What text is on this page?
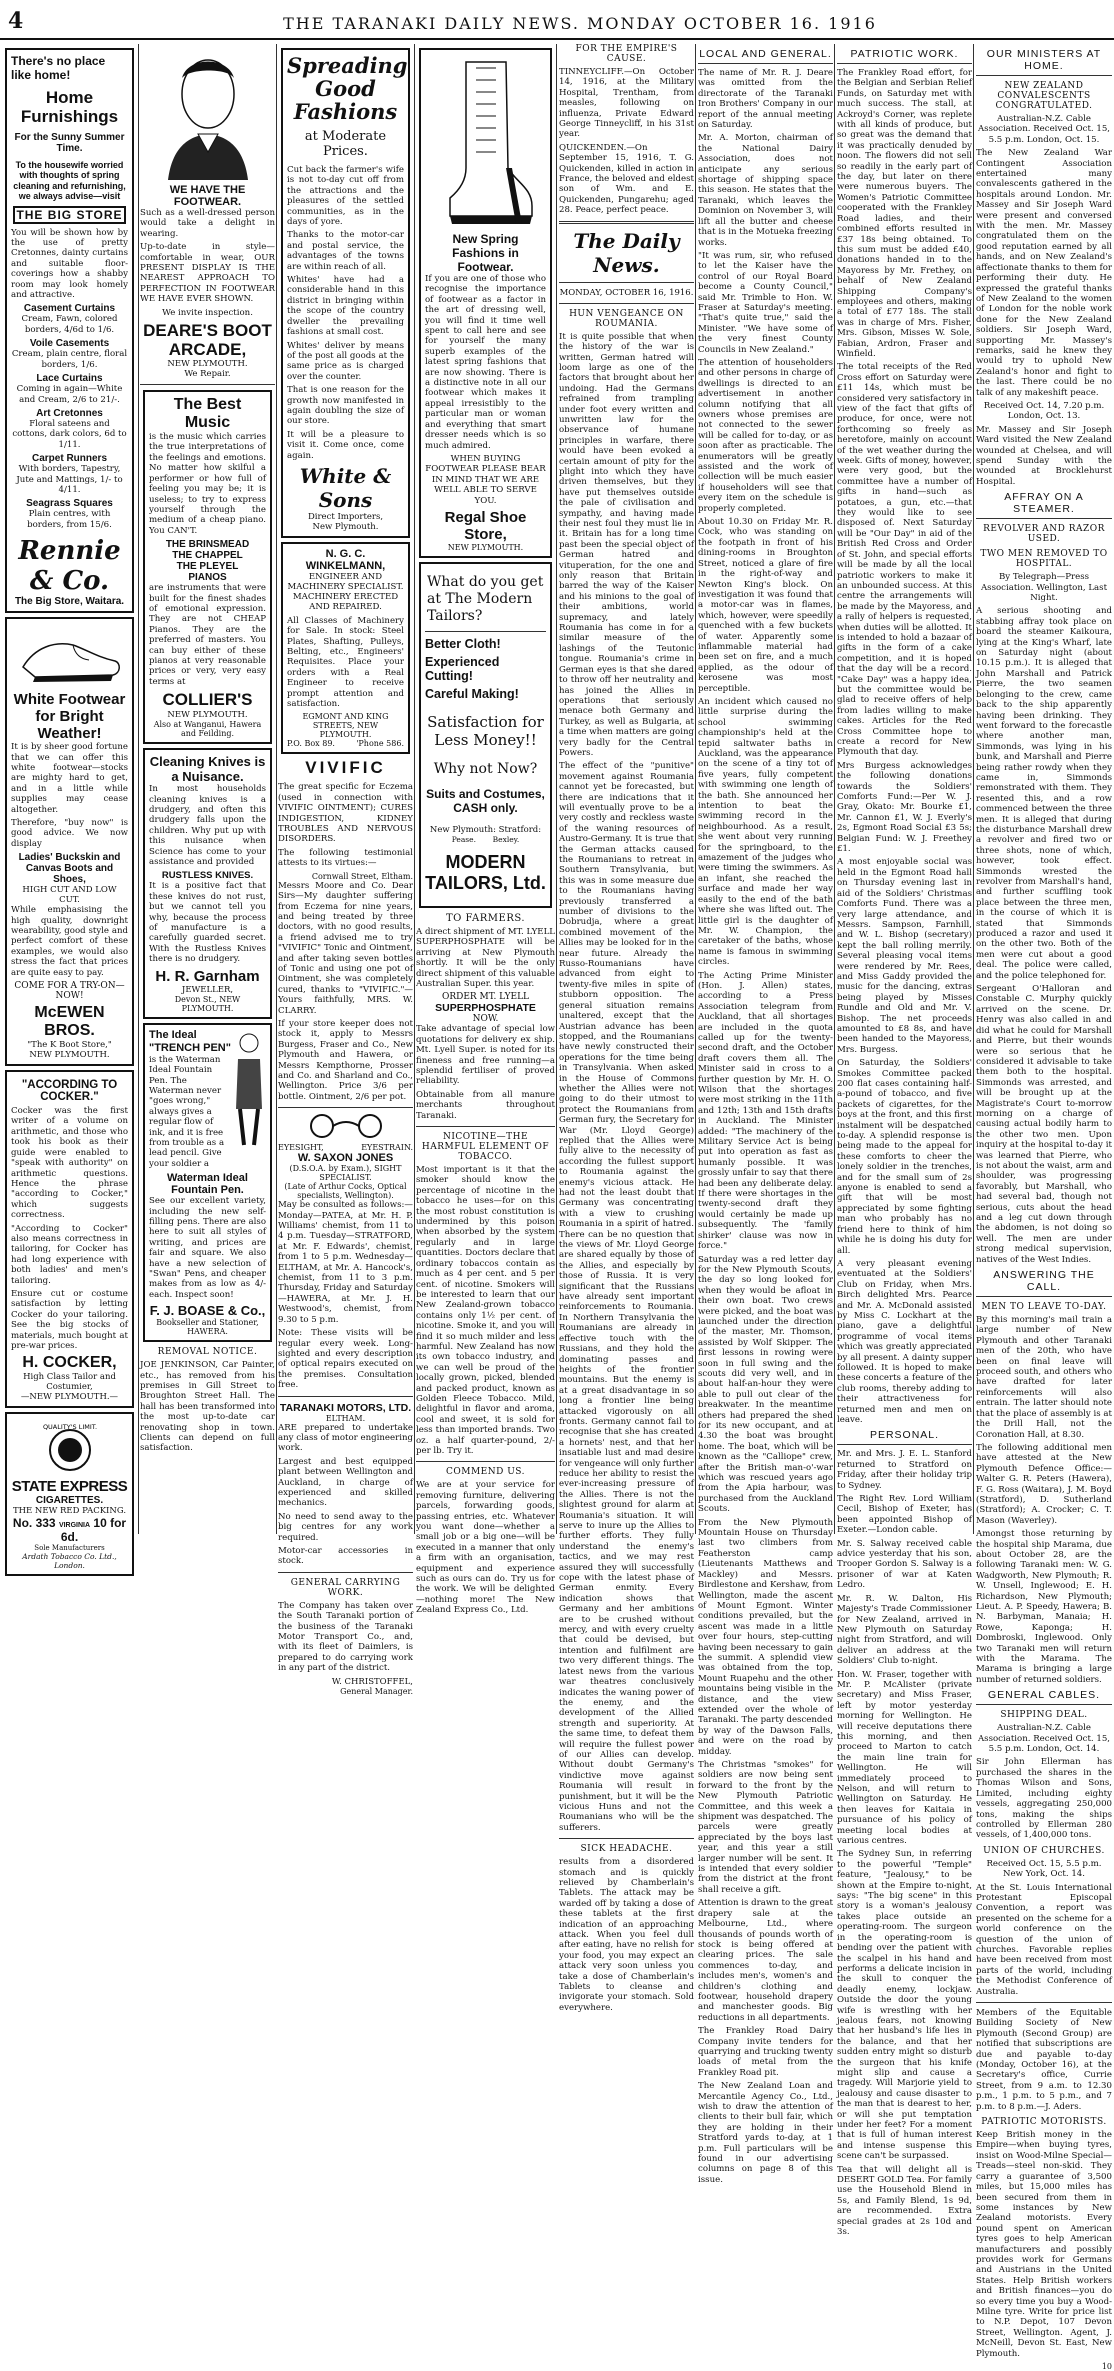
4	THE TARANAKI DAILY NEWS. MONDAY OCTOBER 16. 1916
There's no place like home!
Home Furnishings
For the Sunny Summer Time.

To the housewife worried with thoughts of spring cleaning and refurnishing, we always advise—visit

THE BIG STORE

You will be shown how by the use of pretty Cretonnes, dainty curtains and suitable floor-coverings how a shabby room may look homely and attractive.

Casement Curtains
Cream, Fawn, colored borders, 4/6d to 1/6.
Voile Casements
Cream, plain centre, floral borders, 1/6.
Lace Curtains
Coming in again—White and Cream, 2/6 to 21/-.
Art Cretonnes
Floral sateens and cottons, dark colors, 6d to 1/11.
Carpet Runners
With borders, Tapestry, Jute and Mattings, 1/- to 4/11.
Seagrass Squares
Plain centres, with borders, from 15/6.
Rennie & Co.
The Big Store, Waitara.
White Footwear for Bright Weather!

It is by sheer good fortune that we can offer this white footwear—stocks are mighty hard to get, and in a little while supplies may cease altogether.

Therefore, "buy now" is good advice. We now display

Ladies' Buckskin and Canvas Boots and Shoes,
HIGH CUT AND LOW CUT.

While emphasising the high quality, downright wearability, good style and perfect comfort of these examples, we would also stress the fact that prices are quite easy to pay.

COME FOR A TRY-ON—NOW!
McEWEN BROS.
"The K Boot Store,"
NEW PLYMOUTH.
"ACCORDING TO COCKER."

Cocker was the first writer of a volume on arithmetic, and those who took his book as their guide were enabled to "speak with authority" on arithmetic questions. Hence the phrase "according to Cocker," which suggests correctness.

"According to Cocker" also means correctness in tailoring, for Cocker has had long experience with both ladies' and men's tailoring.

Ensure cut or costume satisfaction by letting Cocker do your tailoring. See the big stocks of materials, much bought at pre-war prices.

H. COCKER,
High Class Tailor and Costumier,
—NEW PLYMOUTH.—
QUALITY'S LIMIT.
STATE EXPRESS
CIGARETTES.
THE NEW RED PACKING.
No. 333 VIRGINIA 10 for 6d.
Sole Manufacturers
Ardath Tobacco Co. Ltd., London.
WE HAVE THE FOOTWEAR.

Such as a well-dressed person would take a delight in wearing.

Up-to-date in style—comfortable in wear, OUR PRESENT DISPLAY IS THE NEAREST APPROACH TO PERFECTION IN FOOTWEAR WE HAVE EVER SHOWN.

We invite inspection.

DEARE'S BOOT ARCADE,
NEW PLYMOUTH.
We Repair.
The Best Music

is the music which carries the true interpretations of the feelings and emotions. No matter how skilful a performer or how full of feeling you may be; it is useless; to try to express yourself through the medium of a cheap piano. You CAN'T.

THE BRINSMEAD
THE CHAPPEL
THE PLEYEL
PIANOS

are instruments that were built for the finest shades of emotional expression. They are not CHEAP Pianos. They are the preferred of masters. You can buy either of these pianos at very reasonable prices or very, very easy terms at

COLLIER'S
NEW PLYMOUTH.
Also at Wanganui, Hawera and Feilding.
Cleaning Knives is a Nuisance.

In most households cleaning knives is a drudgery, and often this drudgery falls upon the children. Why put up with this nuisance when Science has come to your assistance and provided

RUSTLESS KNIVES.

It is a positive fact that these knives do not rust, but we cannot tell you why, because the process of manufacture is a carefully guarded secret. With the Rustless Knives there is no drudgery.

H. R. Garnham
JEWELLER,
Devon St., NEW PLYMOUTH.
The Ideal "TRENCH PEN"

is the Waterman Ideal Fountain Pen. The Waterman never "goes wrong," always gives a regular flow of ink, and it is free from trouble as a lead pencil. Give your soldier a

Waterman Ideal Fountain Pen.

See our excellent variety, including the new self-filling pens. There are also here to suit all styles of writing, and prices are fair and square. We also have a new selection of "Swan" Pens, and cheaper makes from as low as 4/- each. Inspect soon!

F. J. BOASE & Co.,
Bookseller and Stationer,
HAWERA.
REMOVAL NOTICE.

JOE JENKINSON, Car Painter, etc., has removed from his premises in Gill Street to Broughton Street Hall. The hall has been transformed into the most up-to-date car renovating shop in town. Clients can depend on full satisfaction.

Spreading
Good Fashions
at Moderate Prices.

Cut back the farmer's wife is not to-day cut off from the attractions and the pleasures of the settled communities, as in the days of yore.

Thanks to the motor-car and postal service, the advantages of the towns are within reach of all.

Whites' have had a considerable hand in this district in bringing within the scope of the country dweller the prevailing fashions at small cost.

Whites' deliver by means of the post all goods at the same price as is charged over the counter.

That is one reason for the growth now manifested in again doubling the size of our store.

It will be a pleasure to visit it. Come once, come again.

White & Sons
Direct Importers,
New Plymouth.
N. G. C. WINKELMANN,
ENGINEER AND MACHINERY SPECIALIST.

MACHINERY ERECTED AND REPAIRED.

All Classes of Machinery for Sale. In stock: Steel Plates, Shafting, Pulleys, Belting, etc., Engineers' Requisites. Place your orders with a Real Engineer to receive prompt attention and satisfaction.

EGMONT AND KING STREETS, NEW PLYMOUTH.
P.O. Box 89.	'Phone 586.
VIVIFIC

The great specific for Eczema (used in connection with VIVIFIC OINTMENT); CURES INDIGESTION, KIDNEY TROUBLES AND NERVOUS DISORDERS.

The following testimonial attests to its virtues:—

Cornwall Street, Eltham.

Messrs Moore and Co. Dear Sirs—My daughter suffering from Eczema for nine years, and being treated by three doctors, with no good results, a friend advised me to try "VIVIFIC" Tonic and Ointment, and after taking seven bottles of Tonic and using one pot of Ointment, she was completely cured, thanks to "VIVIFIC."—Yours faithfully, MRS. W. CLARRY.

If your store keeper does not stock it, apply to Messrs Burgess, Fraser and Co., New Plymouth and Hawera, or Messrs Kempthorne, Prosser and Co. and Sharland and Co., Wellington. Price 3/6 per bottle. Ointment, 2/6 per pot.

EYESIGHT,	EYESTRAIN.
W. SAXON JONES
(D.S.O.A. by Exam.), SIGHT SPECIALIST.
(Late of Arthur Cocks, Optical specialists, Wellington).

May be consulted as follows:— Monday—PATEA, at Mr. H. P. Williams' chemist, from 11 to 4 p.m. Tuesday—STRATFORD, at Mr. F. Edwards', chemist, from 1 to 5 p.m. Wednesday—ELTHAM, at Mr. A. Hancock's, chemist, from 11 to 3 p.m. Thursday, Friday and Saturday—HAWERA, at Mr. J. H. Westwood's, chemist, from 9.30 to 5 p.m.

Note: These visits will be regular every week. Long-sighted and every description of optical repairs executed on the premises. Consultation free.

TARANAKI MOTORS, LTD.
ELTHAM.

ARE prepared to undertake any class of motor engineering work.

Largest and best equipped plant between Wellington and Auckland, in charge of experienced and skilled mechanics.

No need to send away to the big centres for any work required.

Motor-car accessories in stock.

GENERAL CARRYING WORK.

The Company has taken over the South Taranaki portion of the business of the Taranaki Motor Transport Co., and, with its fleet of Daimlers, is prepared to do carrying work in any part of the district.

W. CHRISTOFFEL,
General Manager.
New Spring Fashions in Footwear.

If you are one of those who recognise the importance of footwear as a factor in the art of dressing well, you will find it time well spent to call here and see for yourself the many superb examples of the latest spring fashions that are now showing. There is a distinctive note in all our footwear which makes it appeal irresistibly to the particular man or woman and everything that smart dresser needs which is so much admired.

WHEN BUYING FOOTWEAR PLEASE BEAR IN MIND THAT WE ARE WELL ABLE TO SERVE YOU.

Regal Shoe Store,
NEW PLYMOUTH.
What do you get at The Modern Tailors?
Better Cloth!
Experienced Cutting!
Careful Making!
Satisfaction for Less Money!!
Why not Now?
Suits and Costumes, CASH only.
New Plymouth: Stratford:
Pease.       Bexley.
MODERN TAILORS, Ltd.
TO FARMERS.

A direct shipment of MT. LYELL SUPERPHOSPHATE will be arriving at New Plymouth shortly. It will be the only direct shipment of this valuable Australian Super. this year.

ORDER MT. LYELL
SUPERPHOSPHATE
NOW.

Take advantage of special low quotations for delivery ex ship. Mt. Lyell Super. is noted for its fineness and free running—a splendid fertiliser of proved reliability.

Obtainable from all manure merchants throughout Taranaki.

NICOTINE—THE HARMFUL ELEMENT OF TOBACCO.

Most important is it that the smoker should know the percentage of nicotine in the tobacco he uses—for on this the most robust constitution is undermined by this poison when absorbed by the system regularly and in large quantities. Doctors declare that ordinary tobaccos contain as much as 4 per cent. and 5 per cent. of nicotine. Smokers will be interested to learn that our New Zealand-grown tobacco contains only 1½ per cent. of nicotine. Smoke it, and you will find it so much milder and less harmful. New Zealand has now its own tobacco industry, and we can well be proud of the locally grown, picked, blended and packed product, known as Golden Fleece Tobacco. Mild, delightful in flavor and aroma, cool and sweet, it is sold for less than imported brands. Two oz. a half quarter-pound, 2/- per lb. Try it.

COMMEND US.

We are at your service for removing furniture, delivering parcels, forwarding goods, passing entries, etc. Whatever you want done—whether a small job or a big one—will be executed in a manner that only a firm with an organisation, equipment and experience such as ours can do. Try us for the work. We will be delighted—nothing more! The New Zealand Express Co., Ltd.

FOR THE EMPIRE'S CAUSE.

TINNEYCLIFF.—On October 14, 1916, at the Military Hospital, Trentham, from measles, following on influenza, Private Edward George Tinneycliff, in his 31st year.

QUICKENDEN.—On September 15, 1916, T. G. Quickenden, killed in action in France, the beloved and eldest son of Wm. and E. Quickenden, Pungarehu; aged 28. Peace, perfect peace.

The Daily News.
MONDAY, OCTOBER 16, 1916.
HUN VENGEANCE ON ROUMANIA.

It is quite possible that when the history of the war is written, German hatred will loom large as one of the factors that brought about her undoing. Had the Germans refrained from trampling under foot every written and unwritten law for the observance of humane principles in warfare, there would have been evoked a certain amount of pity for the plight into which they have driven themselves, but they have put themselves outside the pale of civilisation and sympathy, and having made their nest foul they must lie in it. Britain has for a long time past been the special object of German hatred and vituperation, for the one and only reason that Britain barred the way of the Kaiser and his minions to the goal of their ambitions, world supremacy, and lately Roumania has come in for a similar measure of the lashings of the Teutonic tongue. Roumania's crime in German eyes is that she dared to throw off her neutrality and has joined the Allies in operations that seriously menace both Germany and Turkey, as well as Bulgaria, at a time when matters are going very badly for the Central Powers.

The effect of the "punitive" movement against Roumania cannot yet be forecasted, but there are indications that it will eventually prove to be a very costly and reckless waste of the waning resources of Austro-Germany. It is true that the German attacks caused the Roumanians to retreat in Southern Transylvania, but this was in some measure due to the Roumanians having previously transferred a number of divisions to the Dobrudja, where a great combined movement of the Allies may be looked for in the near future. Already the Russo-Roumanians have advanced from eight to twenty-five miles in spite of stubborn opposition. The general situation remains unaltered, except that the Austrian advance has been stopped, and the Roumanians have newly constructed their operations for the time being in Transylvania. When asked in the House of Commons whether the Allies were not going to do their utmost to protect the Roumanians from German fury, the Secretary for War (Mr. Lloyd George) replied that the Allies were fully alive to the necessity of according the fullest support to Roumania against the enemy's vicious attack. He had not the least doubt that Germany was concentrating with a view to crushing Roumania in a spirit of hatred. There can be no question that the views of Mr. Lloyd George are shared equally by those of the Allies, and especially by those of Russia. It is very significant that the Russians have already sent important reinforcements to Roumania. In Northern Transylvania the Roumanians are already in effective touch with the Russians, and they hold the dominating passes and heights of the frontier mountains. But the enemy is at a great disadvantage in so long a frontier line being attacked vigorously on all fronts. Germany cannot fail to recognise that she has created a hornets' nest, and that her insatiable lust and mad desire for vengeance will only further reduce her ability to resist the ever-increasing pressure of the Allies. There is not the slightest ground for alarm at Roumania's situation. It will serve to inure up the Allies to further efforts. They fully understand the enemy's tactics, and we may rest assured they will successfully cope with the latest phase of German enmity. Every indication shows that Germany and her ambitions are to be crushed without mercy, and with every cruelty that could be devised, but intention and fulfilment are two very different things. The latest news from the various war theatres conclusively indicates the waning power of the enemy, and the development of the Allied strength and superiority. At the same time, to defeat them will require the fullest power of our Allies can develop. Without doubt Germany's vindictive move against Roumania will result in punishment, but it will be the vicious Huns and not the Roumanians who will be the sufferers.

SICK HEADACHE.

results from a disordered stomach and is quickly relieved by Chamberlain's Tablets. The attack may be warded off by taking a dose of these tablets at the first indication of an approaching attack. When you feel dull after eating, have no relish for your food, you may expect an attack very soon unless you take a dose of Chamberlain's Tablets to cleanse and invigorate your stomach. Sold everywhere.

LOCAL AND GENERAL.

The name of Mr. R. J. Deare was omitted from the directorate of the Taranaki Iron Brothers' Company in our report of the annual meeting on Saturday.

Mr. A. Morton, chairman of the National Dairy Association, does not anticipate any serious shortage of shipping space this season. He states that the Taranaki, which leaves the Dominion on November 3, will lift all the butter and cheese that is in the Motueka freezing works.

"It was rum, sir, who refused to let the Kaiser have the control of our Royal Board become a County Council," said Mr. Trimble to Hon. W. Fraser at Saturday's meeting. "That's quite true," said the Minister. "We have some of the very finest County Councils in New Zealand."

The attention of householders and other persons in charge of dwellings is directed to an advertisement in another column notifying that all owners whose premises are not connected to the sewer will be called for to-day, or as soon after as practicable. The enumerators will be greatly assisted and the work of collection will be much easier if householders will see that every item on the schedule is properly completed.

About 10.30 on Friday Mr. R. Cock, who was standing on the footpath in front of his dining-rooms in Broughton Street, noticed a glare of fire in the right-of-way and Newton King's block. On investigation it was found that a motor-car was in flames, which, however, were speedily quenched with a few buckets of water. Apparently some inflammable material had been set on fire, and a much applied, as the odour of kerosene was most perceptible.

An incident which caused no little surprise during the school swimming championship's held at the tepid saltwater baths in Auckland, was the appearance on the scene of a tiny tot of five years, fully competent with swimming one length of the bath. She announced her intention to beat the swimming record in the neighbourhood. As a result, she went about very running for the springboard, to the amazement of the judges who were timing the swimmers. As an infant, she reached the surface and made her way easily to the end of the bath where she was lifted out. The little girl is the daughter of Mr. W. Champion, the caretaker of the baths, whose name is famous in swimming circles.

The Acting Prime Minister (Hon. J. Allen) states, according to a Press Association telegram from Auckland, that all shortages are included in the quota called up for the twenty-second draft, and the October draft covers them all. The Minister said in cross to a further question by Mr. H. O. Wilson that the shortages were most striking in the 11th and 12th; 13th and 15th drafts in Auckland. The Minister added: "The machinery of the Military Service Act is being put into operation as fast as humanly possible. It was grossly unfair to say that there had been any deliberate delay. If there were shortages in the twenty-second draft they would certainly be made up subsequently. The 'family shirker' clause was now in force."

Saturday was a red letter day for the New Plymouth Scouts, the day so long looked for when they would be afloat in their own boat. Two crews were picked, and the boat was launched under the direction of the master, Mr. Thomson, assisted by Wolf Skipper. The first lessons in rowing were soon in full swing and the scouts did very well, and in about half-an-hour they were able to pull out clear of the breakwater. In the meantime others had prepared the shed for its new occupant, and at 4.30 the boat was brought home. The boat, which will be known as the "Calliope" crew, after the British man-o'-war which was rescued years ago from the Apia harbour, was purchased from the Auckland Scouts.

From the New Plymouth Mountain House on Thursday last two climbers from Featherston camp (Lieutenants Matthews and Mackley) and Messrs. Birdlestone and Kershaw, from Wellington, made the ascent of Mount Egmont. Winter conditions prevailed, but the ascent was made in a little over four hours, step-cutting having been necessary to gain the summit. A splendid view was obtained from the top, Mount Ruapehu and the other mountains being visible in the distance, and the view extended over the whole of Taranaki. The party descended by way of the Dawson Falls, and were on the road by midday.

The Christmas "smokes" for soldiers are now being sent forward to the front by the New Plymouth Patriotic Committee, and this week a shipment was despatched. The parcels were greatly appreciated by the boys last year, and this year a still larger number will be sent. It is intended that every soldier from the district at the front shall receive a gift.

Attention is drawn to the great drapery sale at the Melbourne, Ltd., where thousands of pounds worth of stock is being offered at clearing prices. The sale commences to-day, and includes men's, women's and children's clothing and footwear, household drapery and manchester goods. Big reductions in all departments.

The Frankley Road Dairy Company invite tenders for quarrying and trucking twenty loads of metal from the Frankley Road pit.

The New Zealand Loan and Mercantile Agency Co., Ltd., wish to draw the attention of clients to their bull fair, which they are holding in their Stratford yards to-day, at 1 p.m. Full particulars will be found in our advertising columns on page 8 of this issue.

PATRIOTIC WORK.

The Frankley Road effort, for the Belgian and Serbian Relief Funds, on Saturday met with much success. The stall, at Ackroyd's Corner, was replete with all kinds of produce, but so great was the demand that it was practically denuded by noon. The flowers did not sell so readily in the early part of the day, but later on there were numerous buyers. The Women's Patriotic Committee cooperated with the Frankley Road ladies, and their combined efforts resulted in £37 18s being obtained. To this sum must be added £40, donations handed in to the Mayoress by Mr. Frethey, on behalf of New Zealand Shipping Company's employees and others, making a total of £77 18s. The stall was in charge of Mrs. Fisher, Mrs. Gibson, Misses W. Sole, Fabian, Ardron, Fraser and Winfield.

The total receipts of the Red Cross effort on Saturday were £11 14s, which must be considered very satisfactory in view of the fact that gifts of produce, for once, were not forthcoming so freely as heretofore, mainly on account of the wet weather during the week. Gifts of money, however, were very good, but the committee have a number of gifts in hand—such as potatoes, a gun, etc.—that they would like to see disposed of. Next Saturday will be "Our Day" in aid of the British Red Cross and Order of St. John, and special efforts will be made by all the local patriotic workers to make it an unbounded success. At this centre the arrangements will be made by the Mayoress, and a rally of helpers is requested, when duties will be allotted. It is intended to hold a bazaar of gifts in the form of a cake competition, and it is hoped that the day will be a record. "Cake Day" was a happy idea, but the committee would be glad to receive offers of help from ladies willing to make cakes. Articles for the Red Cross Committee hope to create a record for New Plymouth that day.

Mrs Burgess acknowledges the following donations towards the Soldiers' Comforts Fund:—Per W. J. Gray, Okato: Mr. Bourke £1, Mr. Cannon £1, W. J. Everly's 2s, Egmont Road Social £3 5s; Belgian Fund: W. J. Freethey £1.

A most enjoyable social was held in the Egmont Road hall on Thursday evening last in aid of the Soldiers' Christmas Comforts Fund. There was a very large attendance, and Messrs. Sampson, Farnhill, and W. L. Bishop (secretary) kept the ball rolling merrily. Several pleasing vocal items were rendered by Mr. Rees, and Miss Gaddy provided the music for the dancing, extras being played by Misses Rundle and Old and Mr. V. Bishop. The net proceeds amounted to £8 8s, and have been handed to the Mayoress, Mrs. Burgess.

On Saturday, the Soldiers' Smokes Committee packed 200 flat cases containing half-a-pound of tobacco, and five packets of cigarettes, for the boys at the front, and this first instalment will be despatched to-day. A splendid response is being made to the appeal for these comforts to cheer the lonely soldier in the trenches, and for the small sum of 2s anyone is enabled to send a gift that will be most appreciated by some fighting man who probably has no friend here to think of him while he is doing his duty for all.

A very pleasant evening eventuated at the Soldiers' Club on Friday, when Mrs. Birch delighted Mrs. Pearce and Mr. A. McDonald assisted by Miss C. Lockhart at the piano, gave a delightful programme of vocal items which was greatly appreciated by all present. A dainty supper followed. It is hoped to make these concerts a feature of the club rooms, thereby adding to their attractiveness for returned men and men on leave.

PERSONAL.

Mr. and Mrs. J. E. L. Stanford returned to Stratford on Friday, after their holiday trip to Sydney.

The Right Rev. Lord William Cecil, Bishop of Exeter, has been appointed Bishop of Exeter.—London cable.

Mr. S. Salway received cable advice yesterday that his son, Trooper Gordon S. Salway is a prisoner of war at Katen Ledro.

Mr. R. W. Dalton, His Majesty's Trade Commissioner for New Zealand, arrived in New Plymouth on Saturday night from Stratford, and will deliver an address at the Soldiers' Club to-night.

Hon. W. Fraser, together with Mr. P. McAlister (private secretary) and Miss Fraser, left by motor yesterday morning for Wellington. He will receive deputations there this morning, and then proceed to Marton to catch the main line train for Wellington. He will immediately proceed to Nelson, and will return to Wellington on Saturday. He then leaves for Kaitaia in pursuance of his policy of meeting local bodies at various centres.

The Sydney Sun, in referring to the powerful "Temple" feature, "Jealousy," to be shown at the Empire to-night, says: "The big scene" in this story is a woman's jealousy takes place outside an operating-room. The surgeon in the operating-room is bending over the patient with the scalpel in his hand and performs a delicate incision in the skull to conquer the deadly enemy, lockjaw. Outside the door the young wife is wrestling with her jealous fears, not knowing that her husband's life lies in the balance, and that her sudden entry might so disturb the surgeon that his knife might slip and cause a tragedy. Will Marjorie yield to jealousy and cause disaster to the man that is dearest to her, or will she put temptation under her feet? For a moment that is full of human interest and intense suspense this scene can't be surpassed.

Tea that will delight all is DESERT GOLD Tea. For family use the Household Blend in 5s, and Family Blend, 1s 9d, are recommended. Extra special grades at 2s 10d and 3s.

OUR MINISTERS AT HOME.
NEW ZEALAND CONVALESCENTS CONGRATULATED.

Australian-N.Z. Cable Association. Received Oct. 15, 5.5 p.m. London, Oct. 15.

The New Zealand War Contingent Association entertained many convalescents gathered in the hospitals around London. Mr. Massey and Sir Joseph Ward were present and conversed with the men. Mr. Massey congratulated them on the good reputation earned by all hands, and on New Zealand's affectionate thanks to them for performing their duty. He expressed the grateful thanks of New Zealand to the women of London for the noble work done for the New Zealand soldiers. Sir Joseph Ward, supporting Mr. Massey's remarks, said he knew they would try to uphold New Zealand's honor and fight to the last. There could be no talk of any makeshift peace.

Received Oct. 14, 7.20 p.m. London, Oct. 13.

Mr. Massey and Sir Joseph Ward visited the New Zealand wounded at Chelsea, and will spend Sunday with the wounded at Brocklehurst Hospital.

AFFRAY ON A STEAMER.
REVOLVER AND RAZOR USED.
TWO MEN REMOVED TO HOSPITAL.

By Telegraph—Press Association. Wellington, Last Night.

A serious shooting and stabbing affray took place on board the steamer Kaikoura, lying at the King's Wharf, late on Saturday night (about 10.15 p.m.). It is alleged that John Marshall and Patrick Pierre, the two seamen belonging to the crew, came back to the ship apparently having been drinking. They went forward to the forecastle where another man, Simmonds, was lying in his bunk, and Marshall and Pierre being rather rowdy when they came in, Simmonds remonstrated with them. They resented this, and a row commenced between the three men. It is alleged that during the disturbance Marshall drew a revolver and fired two or three shots, none of which, however, took effect. Simmonds wrested the revolver from Marshall's hand, and further scuffling took place between the three men, in the course of which it is stated that Simmonds produced a razor and used it on the other two. Both of the men were cut about a good deal. The police were called, and the police telephoned for.

Sergeant O'Halloran and Constable C. Murphy quickly arrived on the scene. Dr. Henry was also called in and did what he could for Marshall and Pierre, but their wounds were so serious that he considered it advisable to take them both to the hospital. Simmonds was arrested, and will be brought up at the Magistrate's Court to-morrow morning on a charge of causing actual bodily harm to the other two men. Upon inquiry at the hospital to-day it was learned that Pierre, who is not about the waist, arm and shoulder, was progressing favorably, but Marshall, who had several bad, though not serious, cuts about the head and a leg cut down through the abdomen, is not doing so well. The men are under strong medical supervision, natives of the West Indies.

ANSWERING THE CALL.
MEN TO LEAVE TO-DAY.

By this morning's mail train a large number of New Plymouth and other Taranaki men of the 20th, who have been on final leave will proceed south, and others who have drafted for later reinforcements will also entrain. The latter should note that the place of assembly is at the Drill Hall, not the Coronation Hall, at 8.30.

The following additional men have attested at the New Plymouth Defence Office:—Walter G. R. Peters (Hawera), F. G. Ross (Waitara), J. M. Boyd (Stratford), D. Sutherland (Stratford); A. Crocker; C. T. Mason (Waverley).

Amongst those returning by the hospital ship Marama, due about October 28, are the following Taranaki men: W. G. Wadgworth, New Plymouth; R. W. Unsell, Inglewood; E. H. Richardson, New Plymouth; Lieut. A. P. Speedy, Hawera; B. N. Barbyman, Manaia; H. Rowe, Kaponga; H. Dombroski, Inglewood. Only two Taranaki men will return with the Marama. The Marama is bringing a large number of returned soldiers.

GENERAL CABLES.
SHIPPING DEAL.

Australian-N.Z. Cable Association. Received Oct. 15, 5.5 p.m. London, Oct. 14.

Sir John Ellerman has purchased the shares in the Thomas Wilson and Sons, Limited, including eighty vessels, aggregating 250,000 tons, making the ships controlled by Ellerman 280 vessels, of 1,400,000 tons.

UNION OF CHURCHES.

Received Oct. 15, 5.5 p.m. New York, Oct. 14.

At the St. Louis International Protestant Episcopal Convention, a report was presented on the scheme for a world conference on the question of the union of churches. Favorable replies have been received from most parts of the world, including the Methodist Conference of Australia.

Members of the Equitable Building Society of New Plymouth (Second Group) are notified that subscriptions are due and payable to-day (Monday, October 16), at the Secretary's office, Currie Street, from 9 a.m. to 12.30 p.m., 1 p.m. to 5 p.m., and 7 p.m. to 8 p.m.—J. Aders.

PATRIOTIC MOTORISTS.

Keep British money in the Empire—when buying tyres, insist on Wood-Milne Special—Treads—steel non-skid. They carry a guarantee of 3,500 miles, but 15,000 miles has been secured from them in some instances by New Zealand motorists. Every pound spent on American tyres goes to help American manufacturers and possibly provides work for Germans and Austrians in the United States. Help British workers and British finances—you do so every time you buy a Wood-Milne tyre. Write for price list to N.P. Depot, 107 Devon Street, Wellington. Agent, J. McNeill, Devon St. East, New Plymouth.

10
